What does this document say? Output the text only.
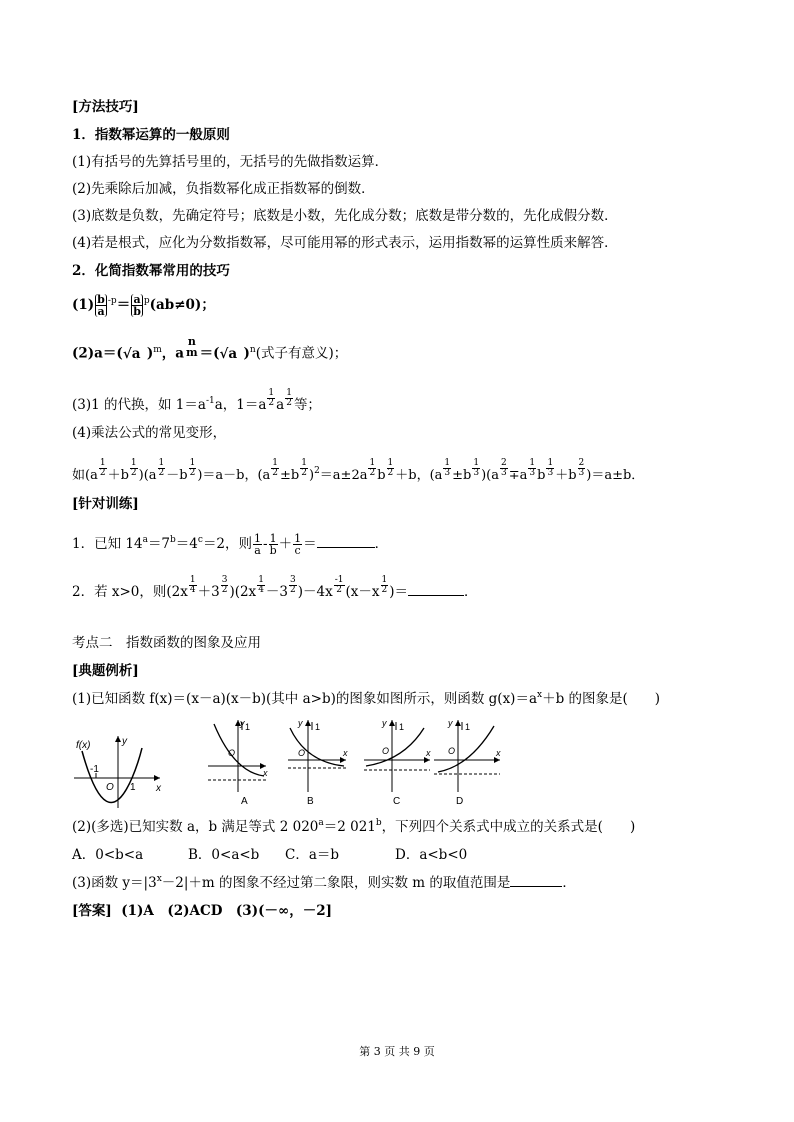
[方法技巧]
1．指数幂运算的一般原则
(1)有括号的先算括号里的，无括号的先做指数运算．
(2)先乘除后加减，负指数幂化成正指数幂的倒数．
(3)底数是负数，先确定符号；底数是小数，先化成分数；底数是带分数的，先化成假分数．
(4)若是根式，应化为分数指数幂，尽可能用幂的形式表示，运用指数幂的运算性质来解答．
2．化简指数幂常用的技巧
$(1) \frac{b}{a} ^{-p}= \frac{a}{b} ^p(ab\ne 0)$；
(2)a＝(√a )$^m$，a
n
m ＝(√a )$^n$(式子有意义)；
(3)1 的代换，如 $1=a^{-1}a$，$1=a \frac{1}{2}$ a $\frac{1}{2}$ 等；
(4)乘法公式的常见变形，
如$(a \frac{1}{2} +b \frac{1}{2} )(a \frac{1}{2} -b \frac{1}{2} )=a-b$，$(a \frac{1}{2} \pm b \frac{1}{2} )^2=a\pm 2a \frac{1}{2}$ b $\frac{1}{2} +b$，$(a \frac{1}{3} \pm b \frac{1}{3} )(a \frac{2}{3} \mp a \frac{1}{3}$ b $\frac{1}{3} +b \frac{2}{3} )=a\pm b$．
[针对训练]
1．已知 $14^a=7^b=4^c=2$，则 $\frac{1}{a} - \frac{1}{b} + \frac{1}{c}$ ＝	．
2．若 x>0，则$(2x \frac{1}{4} +3 \frac{3}{2} )(2x \frac{1}{4} -3 \frac{3}{2} )-4x \frac{-1}{2} (x-x \frac{1}{2}$ )＝	．
考点二　指数函数的图象及应用
[典题例析]
(1)已知函数 f(x)＝(x－a)(x－b)(其中 a>b)的图象如图所示，则函数 $g(x)=a^x+b$ 的图象是(　　)
f(x)	y
x
O
-1
1
y 1
O
x
y 1
O	x
y 1
O	x
y 1
O	x
A	B	C	D
(2)(多选)已知实数 a，b 满足等式 2 $020^a=2$ 021$^b$，下列四个关系式中成立的关系式是(　　)
A．0<b<a	B．0<a<b C．a＝b	D．a<b<0
(3)函数 $y=|3^x-2|+m$ 的图象不经过第二象限，则实数 m 的取值范围是	．
[答案] (1)A　(2)ACD　(3)(－∞，－2]
第 3 页 共 9 页
